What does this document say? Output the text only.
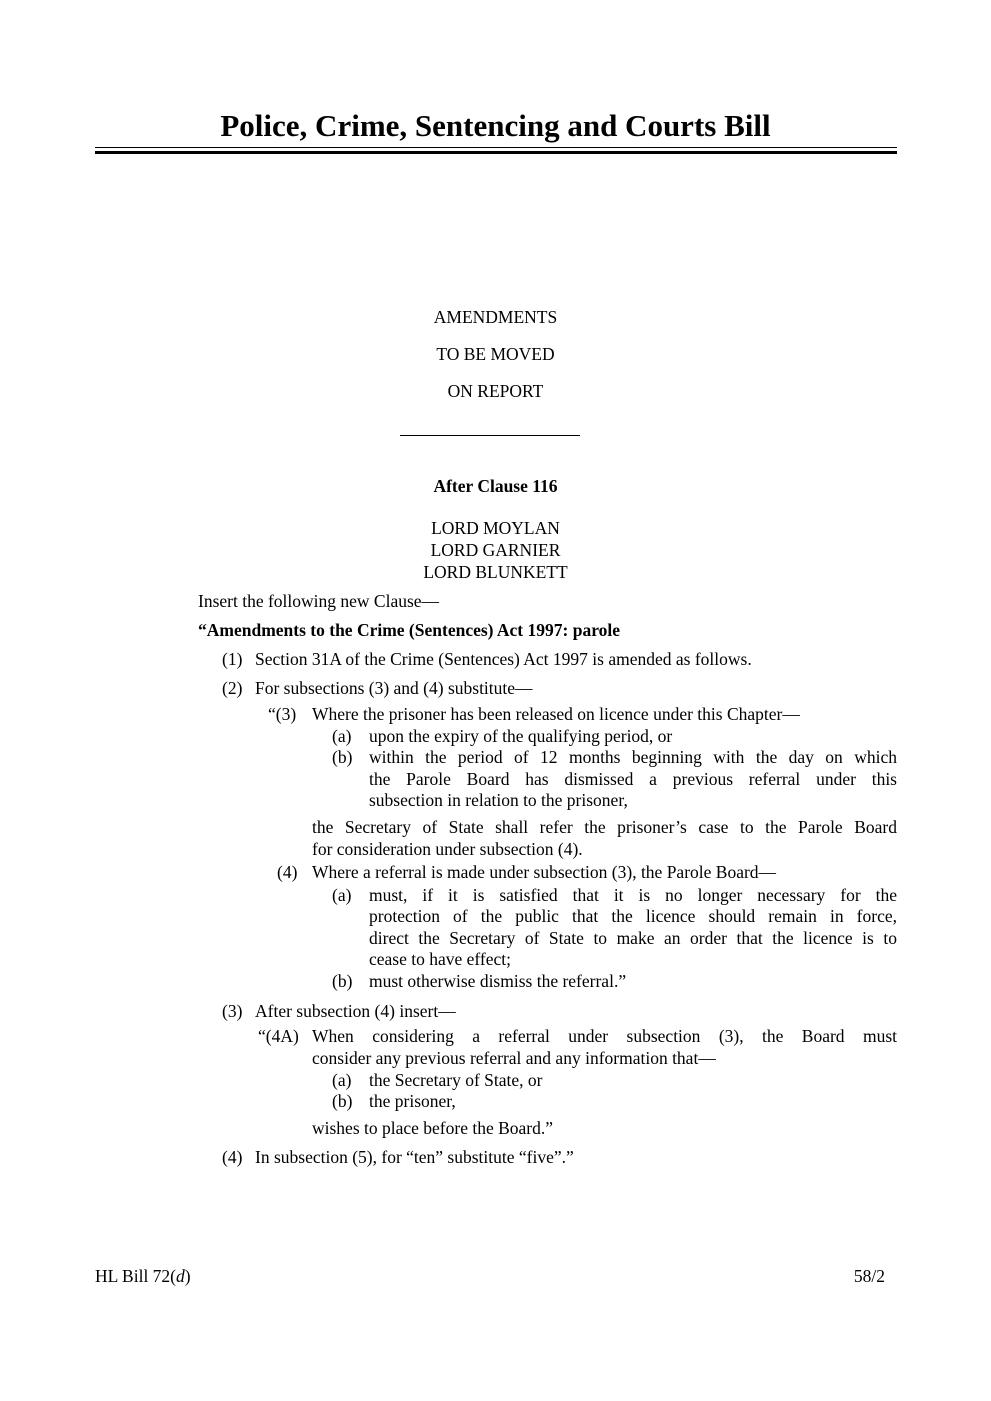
Police, Crime, Sentencing and Courts Bill
AMENDMENTS
TO BE MOVED
ON REPORT
After Clause 116
LORD MOYLAN
LORD GARNIER
LORD BLUNKETT
Insert the following new Clause—
“Amendments to the Crime (Sentences) Act 1997: parole
(1) Section 31A of the Crime (Sentences) Act 1997 is amended as follows.
(2) For subsections (3) and (4) substitute—
“(3) Where the prisoner has been released on licence under this Chapter—
(a) upon the expiry of the qualifying period, or
(b) within the period of 12 months beginning with the day on which
the Parole Board has dismissed a previous referral under this
subsection in relation to the prisoner,
the Secretary of State shall refer the prisoner’s case to the Parole Board
for consideration under subsection (4).
(4) Where a referral is made under subsection (3), the Parole Board—
(a) must, if it is satisfied that it is no longer necessary for the
protection of the public that the licence should remain in force,
direct the Secretary of State to make an order that the licence is to
cease to have effect;
(b) must otherwise dismiss the referral.”
(3) After subsection (4) insert—
“(4A) When considering a referral under subsection (3), the Board must
consider any previous referral and any information that—
(a) the Secretary of State, or
(b) the prisoner,
wishes to place before the Board.”
(4) In subsection (5), for “ten” substitute “five”.”
HL Bill 72(d)	58/2
